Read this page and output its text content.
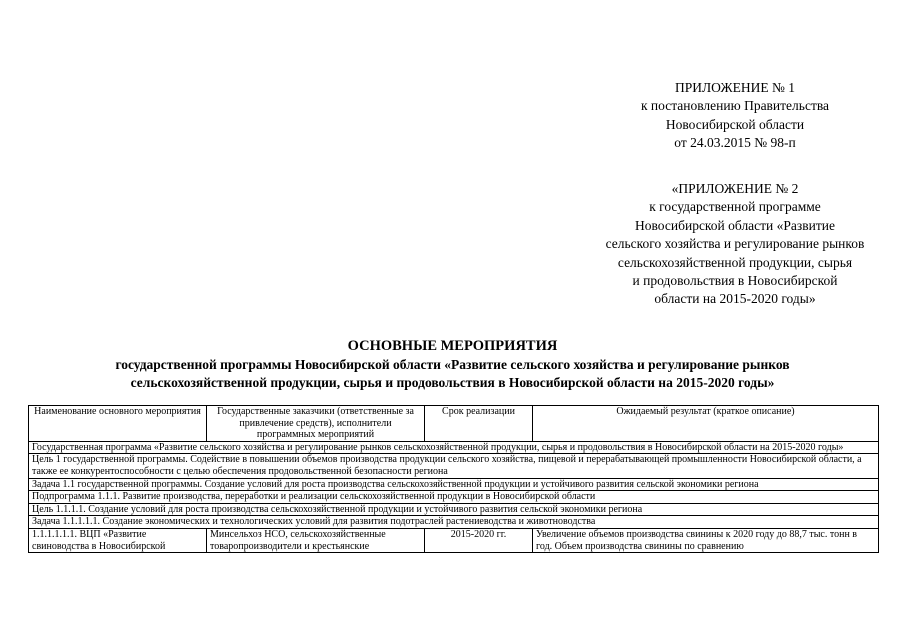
ПРИЛОЖЕНИЕ № 1
к постановлению Правительства
Новосибирской области
от 24.03.2015 № 98-п
«ПРИЛОЖЕНИЕ № 2
к государственной программе
Новосибирской области «Развитие
сельского хозяйства и регулирование рынков
сельскохозяйственной продукции, сырья
и продовольствия в Новосибирской
области на 2015-2020 годы»
ОСНОВНЫЕ МЕРОПРИЯТИЯ
государственной программы Новосибирской области «Развитие сельского хозяйства и регулирование рынков
сельскохозяйственной продукции, сырья и продовольствия в Новосибирской области на 2015-2020 годы»
Наименование основного мероприятия	Государственные заказчики (ответственные за привлечение средств), исполнители программных мероприятий	Срок реализации	Ожидаемый результат (краткое описание)
Государственная программа «Развитие сельского хозяйства и регулирование рынков сельскохозяйственной продукции, сырья и продовольствия в Новосибирской области на 2015-2020 годы»			
Цель 1 государственной программы. Содействие в повышении объемов производства продукции сельского хозяйства, пищевой и перерабатывающей промышленности Новосибирской области, а также ее конкурентоспособности с целью обеспечения продовольственной безопасности региона			
Задача 1.1 государственной программы. Создание условий для роста производства сельскохозяйственной продукции и устойчивого развития сельской экономики региона			
Подпрограмма 1.1.1. Развитие производства, переработки и реализации сельскохозяйственной продукции в Новосибирской области			
Цель 1.1.1.1. Создание условий для роста производства сельскохозяйственной продукции и устойчивого развития сельской экономики региона			
Задача 1.1.1.1.1. Создание экономических и технологических условий для развития подотраслей растениеводства и животноводства			
1.1.1.1.1.1. ВЦП «Развитие свиноводства в Новосибирской	Минсельхоз НСО, сельскохозяйственные товаропроизводители и крестьянские	2015-2020 гг.	Увеличение объемов производства свинины к 2020 году до 88,7 тыс. тонн в год. Объем производства свинины по сравнению
